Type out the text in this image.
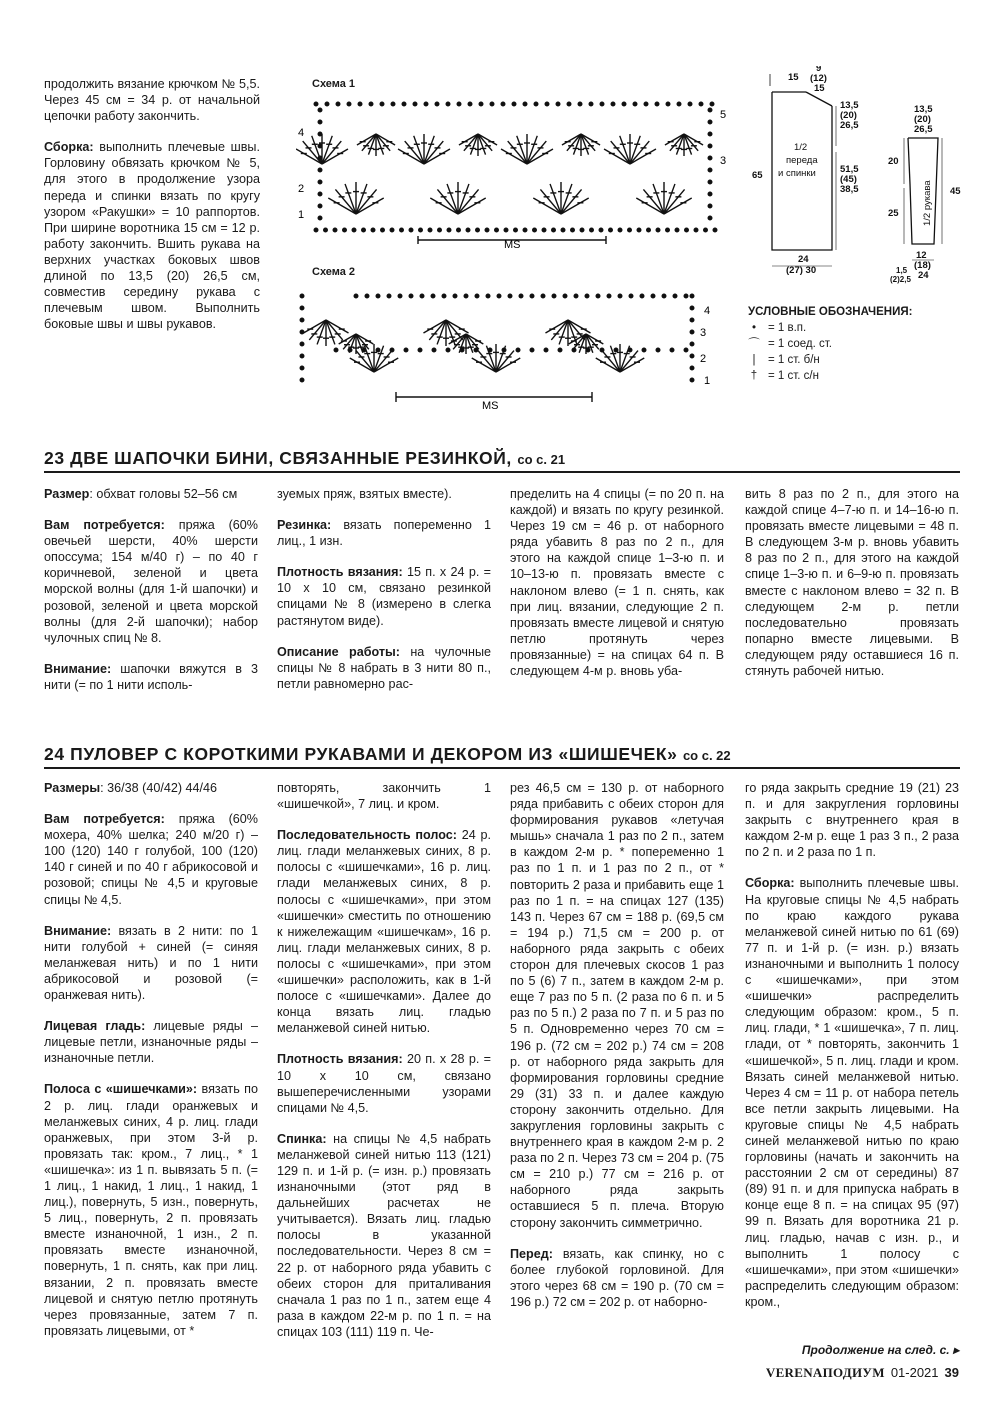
продолжить вязание крючком № 5,5. Через 45 см = 34 р. от начальной цепочки работу закончить.

Сборка: выполнить плечевые швы. Горловину обвязать крючком № 5, для этого в продолжение узора переда и спинки вязать по кругу узором «Ракушки» = 10 раппортов. При ширине воротника 15 см = 12 р. работу закончить. Вшить рукава на верхних участках боковых швов длиной по 13,5 (20) 26,5 см, совместив середину рукава с плечевым швом. Выполнить боковые швы и швы рукавов.

Схема 1
4
2
1
5
3
MS
Схема 2
4
3
2
1
MS
15
9
(12)
15
1/2
переда
и спинки
65
13,5
(20)
26,5
51,5
(45)
38,5
24
(27) 30
13,5
(20)
26,5
20
25 1/2 рукава 45
12
(18)
24
1,5
(2)2,5
УСЛОВНЫЕ ОБОЗНАЧЕНИЯ:
•	= 1 в.п.
⌒ = 1 соед. ст.
|	= 1 ст. б/н
† = 1 ст. с/н
23 ДВЕ ШАПОЧКИ БИНИ, СВЯЗАННЫЕ РЕЗИНКОЙ, со с. 21

Размер: обхват головы 52–56 см

Вам потребуется: пряжа (60% овечьей шерсти, 40% шерсти опоссума; 154 м/40 г) – по 40 г коричневой, зеленой и цвета морской волны (для 1-й шапочки) и розовой, зеленой и цвета морской волны (для 2-й шапочки); набор чулочных спиц № 8.

Внимание: шапочки вяжутся в 3 нити (= по 1 нити исполь-

зуемых пряж, взятых вместе).

Резинка: вязать попеременно 1 лиц., 1 изн.

Плотность вязания: 15 п. х 24 р. = 10 х 10 см, связано резинкой спицами № 8 (измерено в слегка растянутом виде).

Описание работы: на чулочные спицы № 8 набрать в 3 нити 80 п., петли равномерно рас-

пределить на 4 спицы (= по 20 п. на каждой) и вязать по кругу резинкой. Через 19 см = 46 р. от наборного ряда убавить 8 раз по 2 п., для этого на каждой спице 1–3-ю п. и 10–13-ю п. провязать вместе с наклоном влево (= 1 п. снять, как при лиц. вязании, следующие 2 п. провязать вместе лицевой и снятую петлю протянуть через провязанные) = на спицах 64 п. В следующем 4-м р. вновь уба-

вить 8 раз по 2 п., для этого на каждой спице 4–7-ю п. и 14–16-ю п. провязать вместе лицевыми = 48 п. В следующем 3-м р. вновь убавить 8 раз по 2 п., для этого на каждой спице 1–3-ю п. и 6–9-ю п. провязать вместе с наклоном влево = 32 п. В следующем 2-м р. петли последовательно провязать попарно вместе лицевыми. В следующем ряду оставшиеся 16 п. стянуть рабочей нитью.

24 ПУЛОВЕР С КОРОТКИМИ РУКАВАМИ И ДЕКОРОМ ИЗ «ШИШЕЧЕК» со с. 22

Размеры: 36/38 (40/42) 44/46

Вам потребуется: пряжа (60% мохера, 40% шелка; 240 м/20 г) – 100 (120) 140 г голубой, 100 (120) 140 г синей и по 40 г абрикосовой и розовой; спицы № 4,5 и круговые спицы № 4,5.

Внимание: вязать в 2 нити: по 1 нити голубой + синей (= синяя меланжевая нить) и по 1 нити абрикосовой и розовой (= оранжевая нить).

Лицевая гладь: лицевые ряды – лицевые петли, изнаночные ряды – изнаночные петли.

Полоса с «шишечками»: вязать по 2 р. лиц. глади оранжевых и меланжевых синих, 4 р. лиц. глади оранжевых, при этом 3-й р. провязать так: кром., 7 лиц., * 1 «шишечка»: из 1 п. вывязать 5 п. (= 1 лиц., 1 накид, 1 лиц., 1 накид, 1 лиц.), повернуть, 5 изн., повернуть, 5 лиц., повернуть, 2 п. провязать вместе изнаночной, 1 изн., 2 п. провязать вместе изнаночной, повернуть, 1 п. снять, как при лиц. вязании, 2 п. провязать вместе лицевой и снятую петлю протянуть через провязанные, затем 7 п. провязать лицевыми, от *

повторять, закончить 1 «шишечкой», 7 лиц. и кром.

Последовательность полос: 24 р. лиц. глади меланжевых синих, 8 р. полосы с «шишечками», 16 р. лиц. глади меланжевых синих, 8 р. полосы с «шишечками», при этом «шишечки» сместить по отношению к нижележащим «шишечкам», 16 р. лиц. глади меланжевых синих, 8 р. полосы с «шишечками», при этом «шишечки» расположить, как в 1-й полосе с «шишечками». Далее до конца вязать лиц. гладью меланжевой синей нитью.

Плотность вязания: 20 п. х 28 р. = 10 х 10 см, связано вышеперечисленными узорами спицами № 4,5.

Спинка: на спицы № 4,5 набрать меланжевой синей нитью 113 (121) 129 п. и 1-й р. (= изн. р.) провязать изнаночными (этот ряд в дальнейших расчетах не учитывается). Вязать лиц. гладью полосы в указанной последовательности. Через 8 см = 22 р. от наборного ряда убавить с обеих сторон для приталивания сначала 1 раз по 1 п., затем еще 4 раза в каждом 22-м р. по 1 п. = на спицах 103 (111) 119 п. Че-

рез 46,5 см = 130 р. от наборного ряда прибавить с обеих сторон для формирования рукавов «летучая мышь» сначала 1 раз по 2 п., затем в каждом 2-м р. * попеременно 1 раз по 1 п. и 1 раз по 2 п., от * повторить 2 раза и прибавить еще 1 раз по 1 п. = на спицах 127 (135) 143 п. Через 67 см = 188 р. (69,5 см = 194 р.) 71,5 см = 200 р. от наборного ряда закрыть с обеих сторон для плечевых скосов 1 раз по 5 (6) 7 п., затем в каждом 2-м р. еще 7 раз по 5 п. (2 раза по 6 п. и 5 раз по 5 п.) 2 раза по 7 п. и 5 раз по 5 п. Одновременно через 70 см = 196 р. (72 см = 202 р.) 74 см = 208 р. от наборного ряда закрыть для формирования горловины средние 29 (31) 33 п. и далее каждую сторону закончить отдельно. Для закругления горловины закрыть с внутреннего края в каждом 2-м р. 2 раза по 2 п. Через 73 см = 204 р. (75 см = 210 р.) 77 см = 216 р. от наборного ряда закрыть оставшиеся 5 п. плеча. Вторую сторону закончить симметрично.

Перед: вязать, как спинку, но с более глубокой горловиной. Для этого через 68 см = 190 р. (70 см = 196 р.) 72 см = 202 р. от наборно-

го ряда закрыть средние 19 (21) 23 п. и для закругления горловины закрыть с внутреннего края в каждом 2-м р. еще 1 раз 3 п., 2 раза по 2 п. и 2 раза по 1 п.

Сборка: выполнить плечевые швы. На круговые спицы № 4,5 набрать по краю каждого рукава меланжевой синей нитью по 61 (69) 77 п. и 1-й р. (= изн. р.) вязать изнаночными и выполнить 1 полосу с «шишечками», при этом «шишечки» распределить следующим образом: кром., 5 п. лиц. глади, * 1 «шишечка», 7 п. лиц. глади, от * повторять, закончить 1 «шишечкой», 5 п. лиц. глади и кром. Вязать синей меланжевой нитью. Через 4 см = 11 р. от набора петель все петли закрыть лицевыми. На круговые спицы № 4,5 набрать синей меланжевой нитью по краю горловины (начать и закончить на расстоянии 2 см от середины) 87 (89) 91 п. и для припуска набрать в конце еще 8 п. = на спицах 95 (97) 99 п. Вязать для воротника 21 р. лиц. гладью, начав с изн. р., и выполнить 1 полосу с «шишечками», при этом «шишечки» распределить следующим образом: кром.,

Продолжение на след. с. ▸
VERENAПОДИУМ 01-2021 39
